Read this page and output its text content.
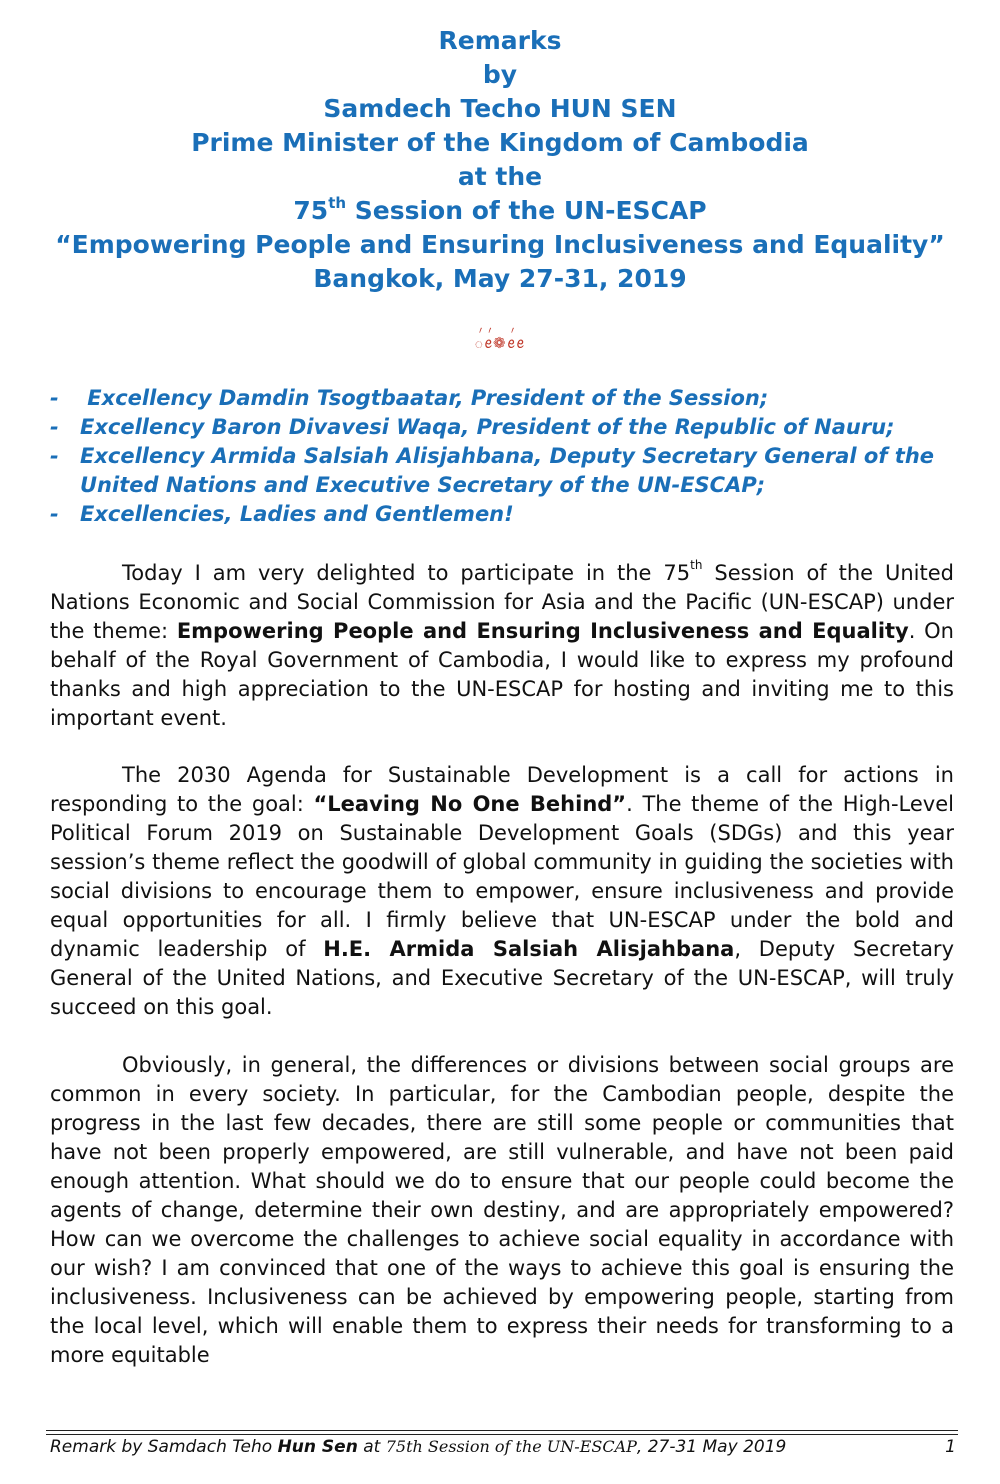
Remarks
by
Samdech Techo HUN SEN
Prime Minister of the Kingdom of Cambodia
at the
75th Session of the UN-ESCAP
“Empowering People and Ensuring Inclusiveness and Equality”
Bangkok, May 27-31, 2019
꪿ꫀ꪿❁ꫀ꪿ꫀ
-	Excellency Damdin Tsogtbaatar, President of the Session;
-	Excellency Baron Divavesi Waqa, President of the Republic of Nauru;
-	Excellency Armida Salsiah Alisjahbana, Deputy Secretary General of the
United Nations and Executive Secretary of the UN-ESCAP;
-	Excellencies, Ladies and Gentlemen!

Today I am very delighted to participate in the 75th Session of the United Nations Economic and Social Commission for Asia and the Pacific (UN-ESCAP) under the theme: Empowering People and Ensuring Inclusiveness and Equality. On behalf of the Royal Government of Cambodia, I would like to express my profound thanks and high appreciation to the UN-ESCAP for hosting and inviting me to this important event.

The 2030 Agenda for Sustainable Development is a call for actions in responding to the goal: “Leaving No One Behind”. The theme of the High-Level Political Forum 2019 on Sustainable Development Goals (SDGs) and this year session’s theme reflect the goodwill of global community in guiding the societies with social divisions to encourage them to empower, ensure inclusiveness and provide equal opportunities for all. I firmly believe that UN-ESCAP under the bold and dynamic leadership of H.E. Armida Salsiah Alisjahbana, Deputy Secretary General of the United Nations, and Executive Secretary of the UN-ESCAP, will truly succeed on this goal.

Obviously, in general, the differences or divisions between social groups are common in every society. In particular, for the Cambodian people, despite the progress in the last few decades, there are still some people or communities that have not been properly empowered, are still vulnerable, and have not been paid enough attention. What should we do to ensure that our people could become the agents of change, determine their own destiny, and are appropriately empowered? How can we overcome the challenges to achieve social equality in accordance with our wish? I am convinced that one of the ways to achieve this goal is ensuring the inclusiveness. Inclusiveness can be achieved by empowering people, starting from the local level, which will enable them to express their needs for transforming to a more equitable

Remark by Samdach Teho Hun Sen at 75th Session of the UN-ESCAP, 27-31 May 2019	1
